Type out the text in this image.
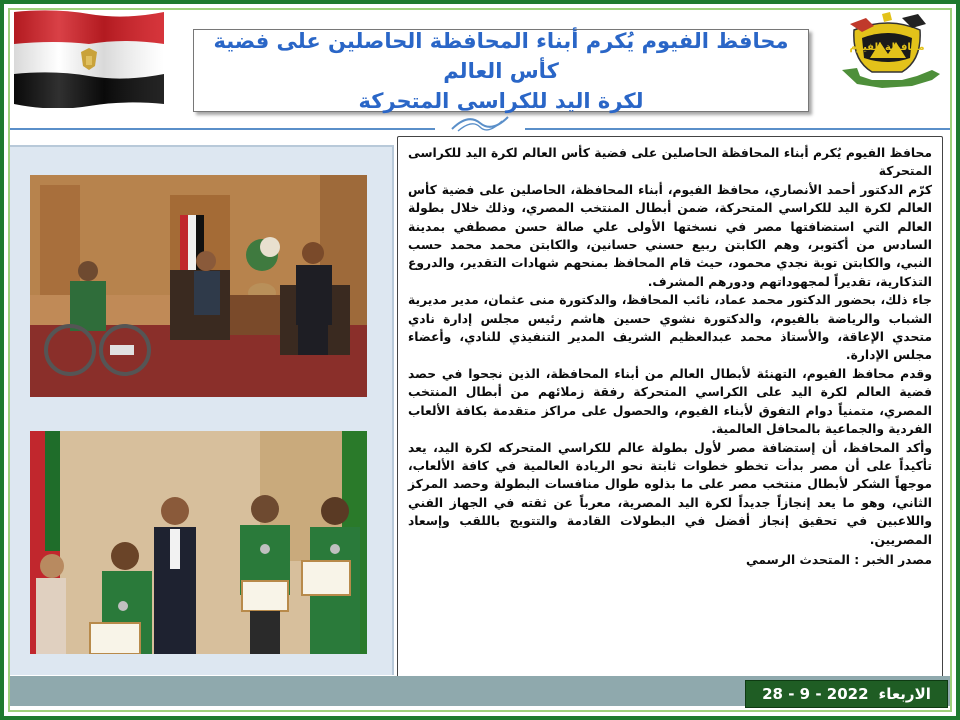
محافظة الفيوم
محافظ الفيوم يُكرم أبناء المحافظة الحاصلين على فضية كأس العالم
لكرة اليد للكراسى المتحركة

محافظ الفيوم يُكرم أبناء المحافظة الحاصلين على فضية كأس العالم لكرة اليد للكراسى المتحركة

كرّم الدكتور أحمد الأنصاري، محافظ الفيوم، أبناء المحافظة، الحاصلين على فضية كأس العالم لكرة اليد للكراسي المتحركة، ضمن أبطال المنتخب المصري، وذلك خلال بطولة العالم التي استضافتها مصر في نسختها الأولى علي صالة حسن مصطفي بمدينة السادس من أكتوبر، وهم الكابتن ربيع حسني حسانين، والكابتن محمد محمد حسب النبي، والكابتن توبة نجدي محمود، حيث قام المحافظ بمنحهم شهادات التقدير، والدروع التذكارية، تقديراً لمجهوداتهم ودورهم المشرف.

جاء ذلك، بحضور الدكتور محمد عماد، نائب المحافظ، والدكتورة منى عثمان، مدير مديرية الشباب والرياضة بالفيوم، والدكتورة نشوي حسين هاشم رئيس مجلس إدارة نادي متحدي الإعاقة، والأستاذ محمد عبدالعظيم الشريف المدير التنفيذي للنادي، وأعضاء مجلس الإدارة.

وقدم محافظ الفيوم، التهنئة لأبطال العالم من أبناء المحافظة، الذين نجحوا في حصد فضية العالم لكرة اليد على الكراسي المتحركة رفقة زملائهم من أبطال المنتخب المصري، متمنياً دوام التفوق لأبناء الفيوم، والحصول على مراكز متقدمة بكافة الألعاب الفردية والجماعية بالمحافل العالمية.

وأكد المحافظ، أن إستضافة مصر لأول بطولة عالم للكراسي المتحركه لكرة اليد، يعد تأكيداً على أن مصر بدأت تخطو خطوات ثابتة نحو الريادة العالمية في كافة الألعاب، موجهاً الشكر لأبطال منتخب مصر على ما بذلوه طوال منافسات البطولة وحصد المركز الثاني، وهو ما يعد إنجازاً جديداً لكرة اليد المصرية، معرباً عن ثقته في الجهاز الفني واللاعبين في تحقيق إنجاز أفضل في البطولات القادمة والتتويج باللقب وإسعاد المصريين.

مصدر الخبر : المتحدث الرسمي

الاربعاء
28 - 9 - 2022
